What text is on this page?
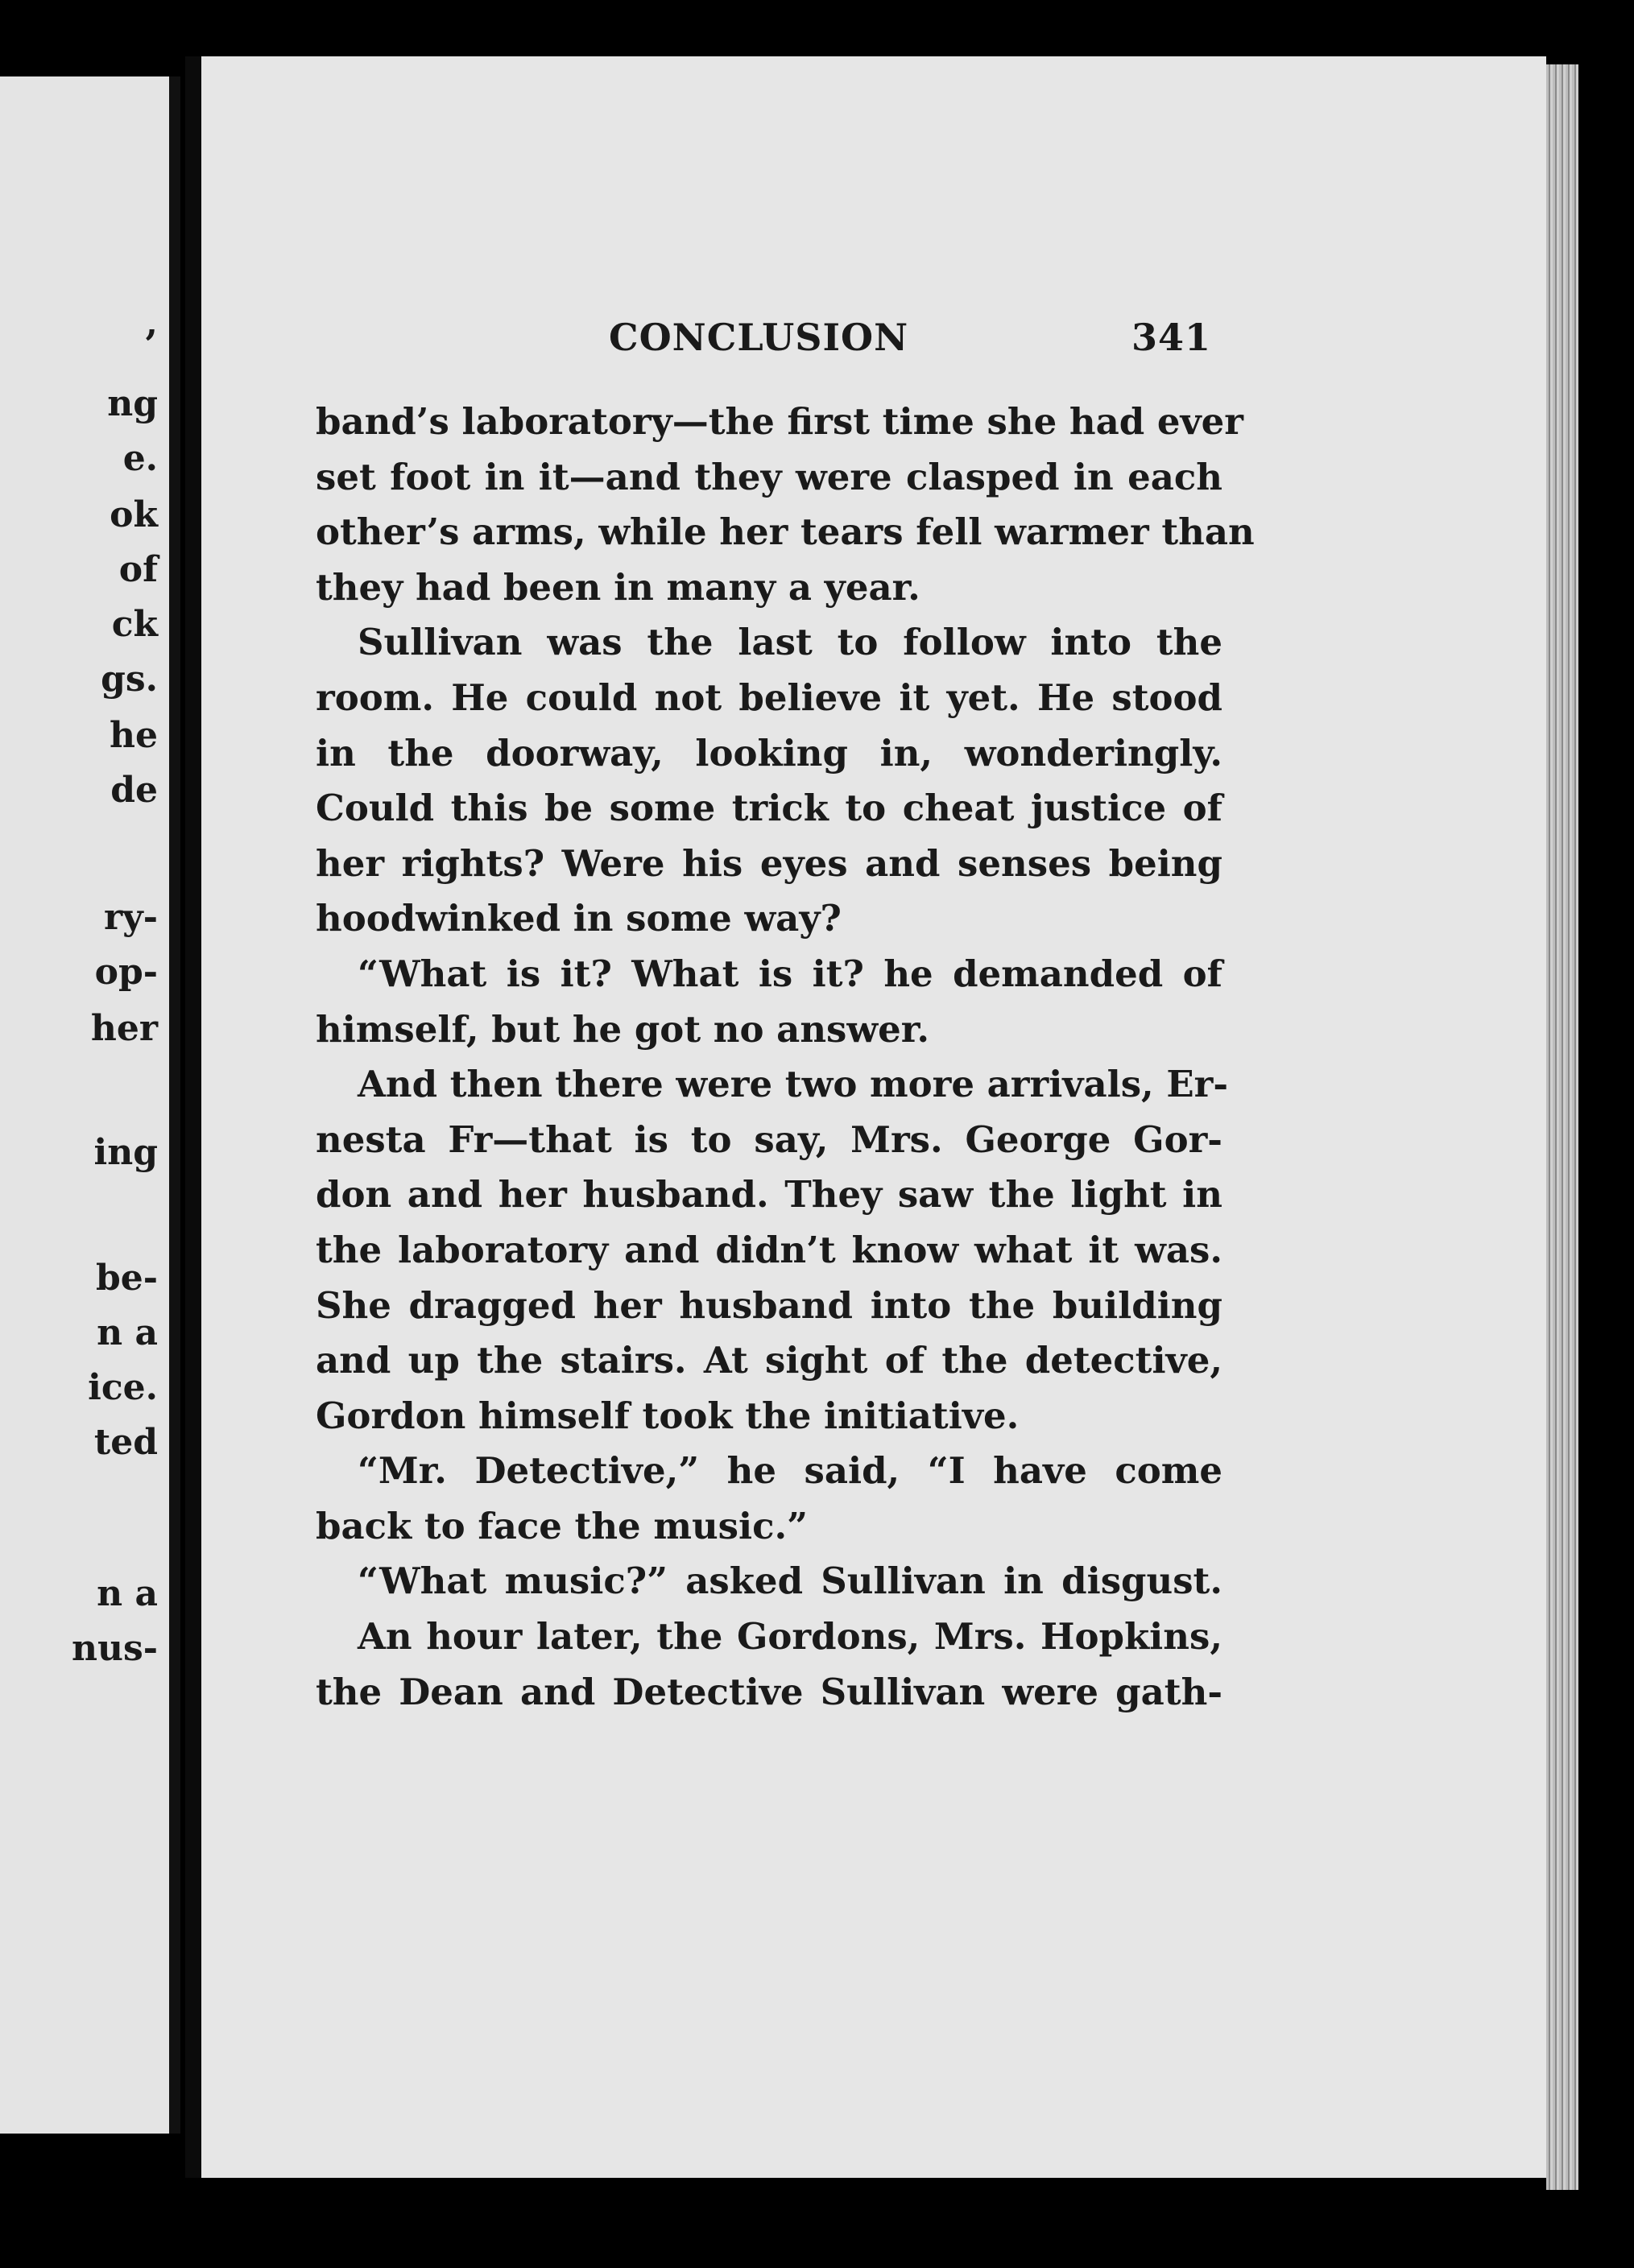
,
ng
e.
ok
of
ck
gs.
he
de
ry-
op-
her
ing
be-
n a
ice.
ted
n a
nus-
CONCLUSION	341
band’s laboratory—the first time she had ever
set foot in it—and they were clasped in each
other’s arms, while her tears fell warmer than
they had been in many a year.
Sullivan was the last to follow into the
room. He could not believe it yet. He stood
in the doorway, looking in, wonderingly.
Could this be some trick to cheat justice of
her rights? Were his eyes and senses being
hoodwinked in some way?
“What is it? What is it? he demanded of
himself, but he got no answer.
And then there were two more arrivals, Er-
nesta Fr—that is to say, Mrs. George Gor-
don and her husband. They saw the light in
the laboratory and didn’t know what it was.
She dragged her husband into the building
and up the stairs. At sight of the detective,
Gordon himself took the initiative.
“Mr. Detective,” he said, “I have come
back to face the music.”
“What music?” asked Sullivan in disgust.
An hour later, the Gordons, Mrs. Hopkins,
the Dean and Detective Sullivan were gath-
